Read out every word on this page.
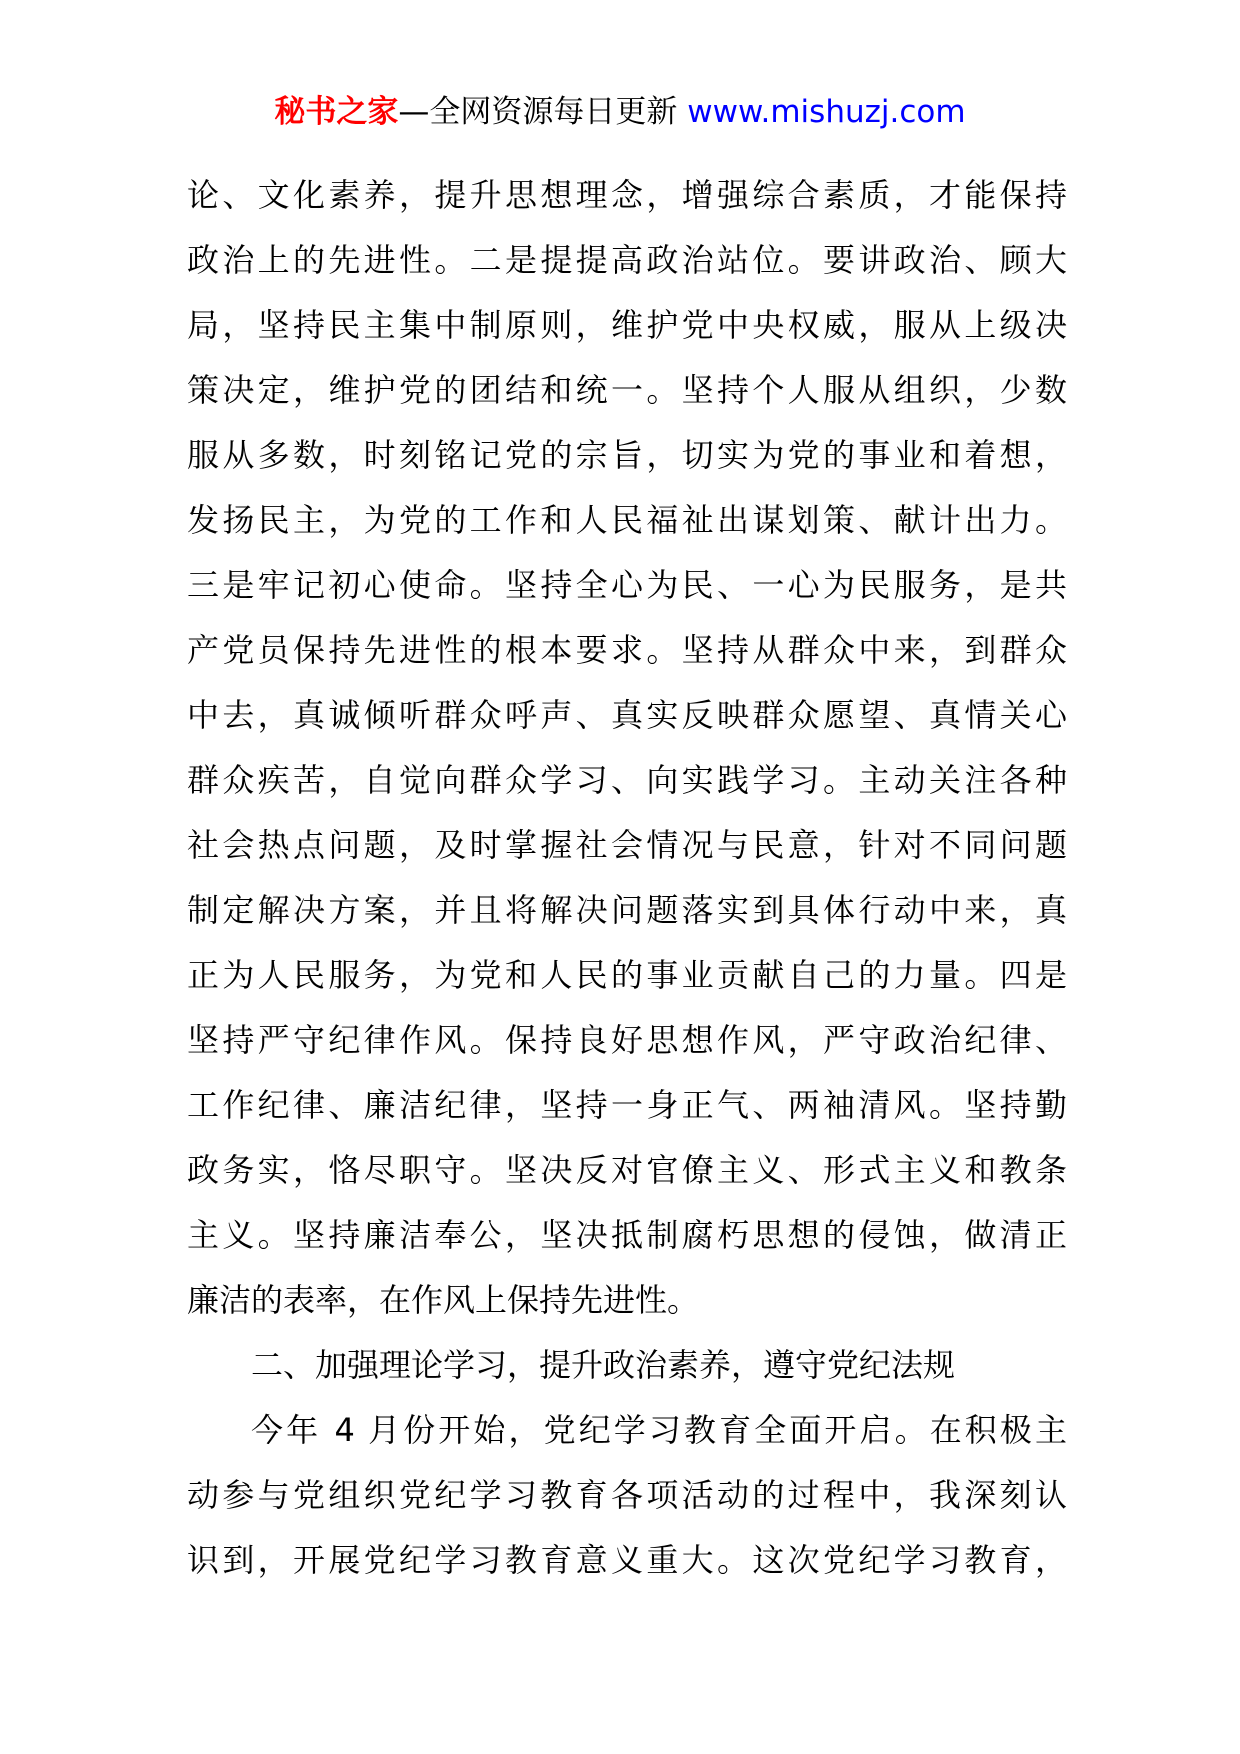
秘书之家—全网资源每日更新 www.mishuzj.com
论、文化素养，提升思想理念，增强综合素质，才能保持
政治上的先进性。二是提提高政治站位。要讲政治、顾大
局，坚持民主集中制原则，维护党中央权威，服从上级决
策决定，维护党的团结和统一。坚持个人服从组织，少数
服从多数，时刻铭记党的宗旨，切实为党的事业和着想，
发扬民主，为党的工作和人民福祉出谋划策、献计出力。
三是牢记初心使命。坚持全心为民、一心为民服务，是共
产党员保持先进性的根本要求。坚持从群众中来，到群众
中去，真诚倾听群众呼声、真实反映群众愿望、真情关心
群众疾苦，自觉向群众学习、向实践学习。主动关注各种
社会热点问题，及时掌握社会情况与民意，针对不同问题
制定解决方案，并且将解决问题落实到具体行动中来，真
正为人民服务，为党和人民的事业贡献自己的力量。四是
坚持严守纪律作风。保持良好思想作风，严守政治纪律、
工作纪律、廉洁纪律，坚持一身正气、两袖清风。坚持勤
政务实，恪尽职守。坚决反对官僚主义、形式主义和教条
主义。坚持廉洁奉公，坚决抵制腐朽思想的侵蚀，做清正
廉洁的表率，在作风上保持先进性。
二、加强理论学习，提升政治素养，遵守党纪法规
今年 4 月份开始，党纪学习教育全面开启。在积极主
动参与党组织党纪学习教育各项活动的过程中，我深刻认
识到，开展党纪学习教育意义重大。这次党纪学习教育，
